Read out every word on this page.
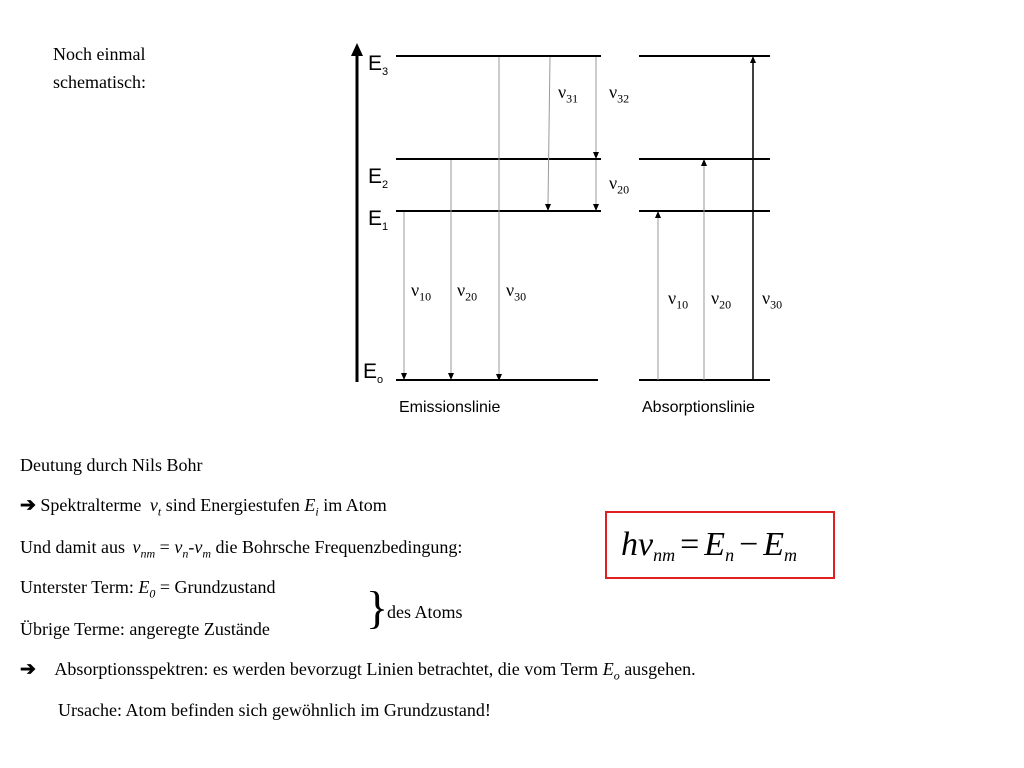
Noch einmal
schematisch:
$E_3$
$E_2$
$E_1$
$E_o$
$\nu_{10}$ $\nu_{20}$ $\nu_{30}$
$\nu_{31}$ $\nu_{32}$
$\nu_{20}$
$\nu_{10}$ $\nu_{20}$ $\nu_{30}$
Emissionslinie	Absorptionslinie
Deutung durch Nils Bohr
➔ Spektralterme $\nu_t$ sind Energiestufen $E_i$ im Atom
Und damit aus $\nu_{nm} = \nu_n-\nu_m$ die Bohrsche Frequenzbedingung:
Unterster Term: $E_0$ = Grundzustand
Übrige Terme: angeregte Zustände }
des Atoms
➔ Absorptionsspektren: es werden bevorzugt Linien betrachtet, die vom Term $E_o$ ausgehen.
Ursache: Atom befinden sich gewöhnlich im Grundzustand!
$h\nu_{nm} = E_n - E_m$
